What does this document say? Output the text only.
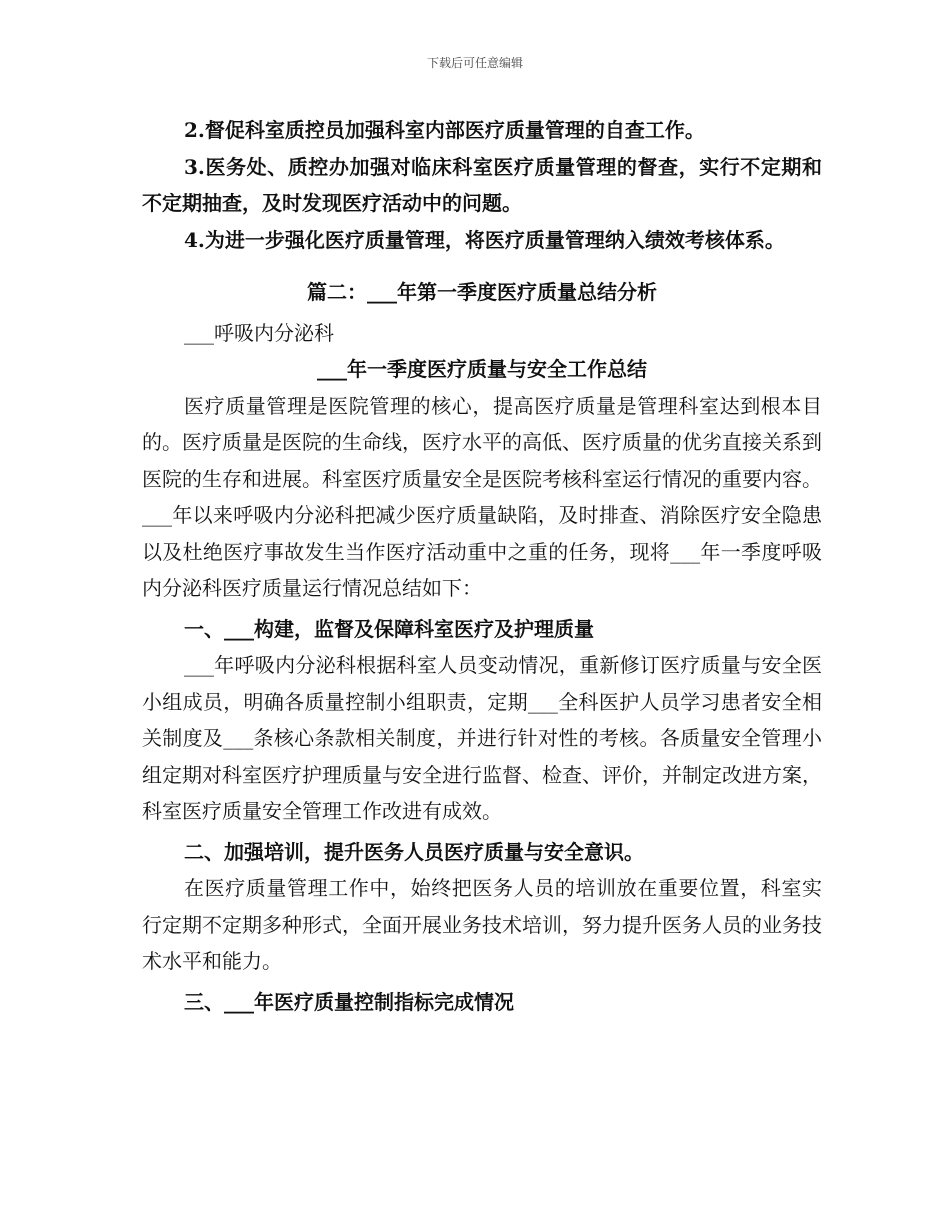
下载后可任意编辑

2.督促科室质控员加强科室内部医疗质量管理的自查工作。

3.医务处、质控办加强对临床科室医疗质量管理的督查，实行不定期和不定期抽查，及时发现医疗活动中的问题。

4.为进一步强化医疗质量管理，将医疗质量管理纳入绩效考核体系。

篇二：___年第一季度医疗质量总结分析

___呼吸内分泌科

___年一季度医疗质量与安全工作总结

医疗质量管理是医院管理的核心，提高医疗质量是管理科室达到根本目的。医疗质量是医院的生命线，医疗水平的高低、医疗质量的优劣直接关系到医院的生存和进展。科室医疗质量安全是医院考核科室运行情况的重要内容。___年以来呼吸内分泌科把减少医疗质量缺陷，及时排查、消除医疗安全隐患以及杜绝医疗事故发生当作医疗活动重中之重的任务，现将___年一季度呼吸内分泌科医疗质量运行情况总结如下：

一、___构建，监督及保障科室医疗及护理质量

___年呼吸内分泌科根据科室人员变动情况，重新修订医疗质量与安全医小组成员，明确各质量控制小组职责，定期___全科医护人员学习患者安全相关制度及___条核心条款相关制度，并进行针对性的考核。各质量安全管理小组定期对科室医疗护理质量与安全进行监督、检查、评价，并制定改进方案，科室医疗质量安全管理工作改进有成效。

二、加强培训，提升医务人员医疗质量与安全意识。

在医疗质量管理工作中，始终把医务人员的培训放在重要位置，科室实行定期不定期多种形式，全面开展业务技术培训，努力提升医务人员的业务技术水平和能力。

三、___年医疗质量控制指标完成情况
